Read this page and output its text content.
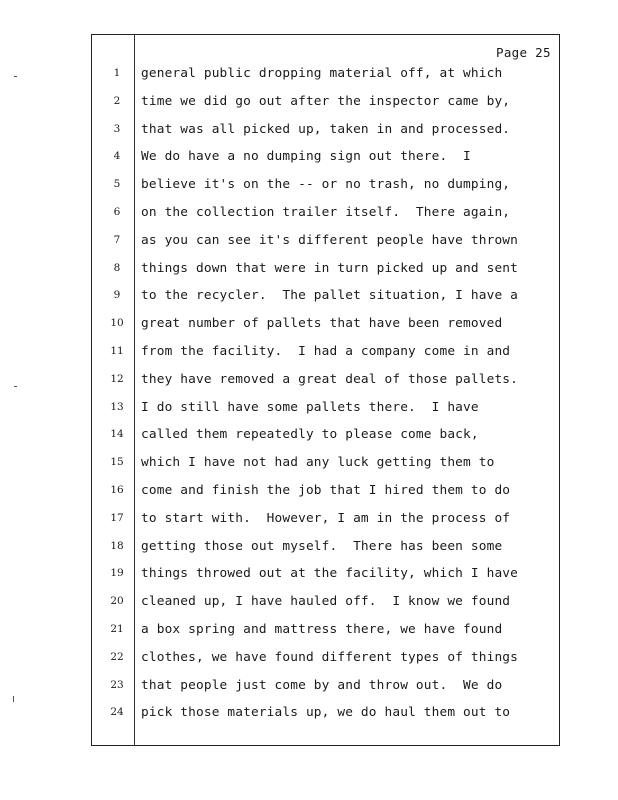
Page 25
1	general public dropping material off, at which
2	time we did go out after the inspector came by,
3	that was all picked up, taken in and processed.
4	We do have a no dumping sign out there.  I
5	believe it's on the -- or no trash, no dumping,
6	on the collection trailer itself.  There again,
7	as you can see it's different people have thrown
8	things down that were in turn picked up and sent
9	to the recycler.  The pallet situation, I have a
10	great number of pallets that have been removed
11	from the facility.  I had a company come in and
12	they have removed a great deal of those pallets.
13	I do still have some pallets there.  I have
14	called them repeatedly to please come back,
15	which I have not had any luck getting them to
16	come and finish the job that I hired them to do
17	to start with.  However, I am in the process of
18	getting those out myself.  There has been some
19	things throwed out at the facility, which I have
20	cleaned up, I have hauled off.  I know we found
21	a box spring and mattress there, we have found
22	clothes, we have found different types of things
23	that people just come by and throw out.  We do
24	pick those materials up, we do haul them out to
